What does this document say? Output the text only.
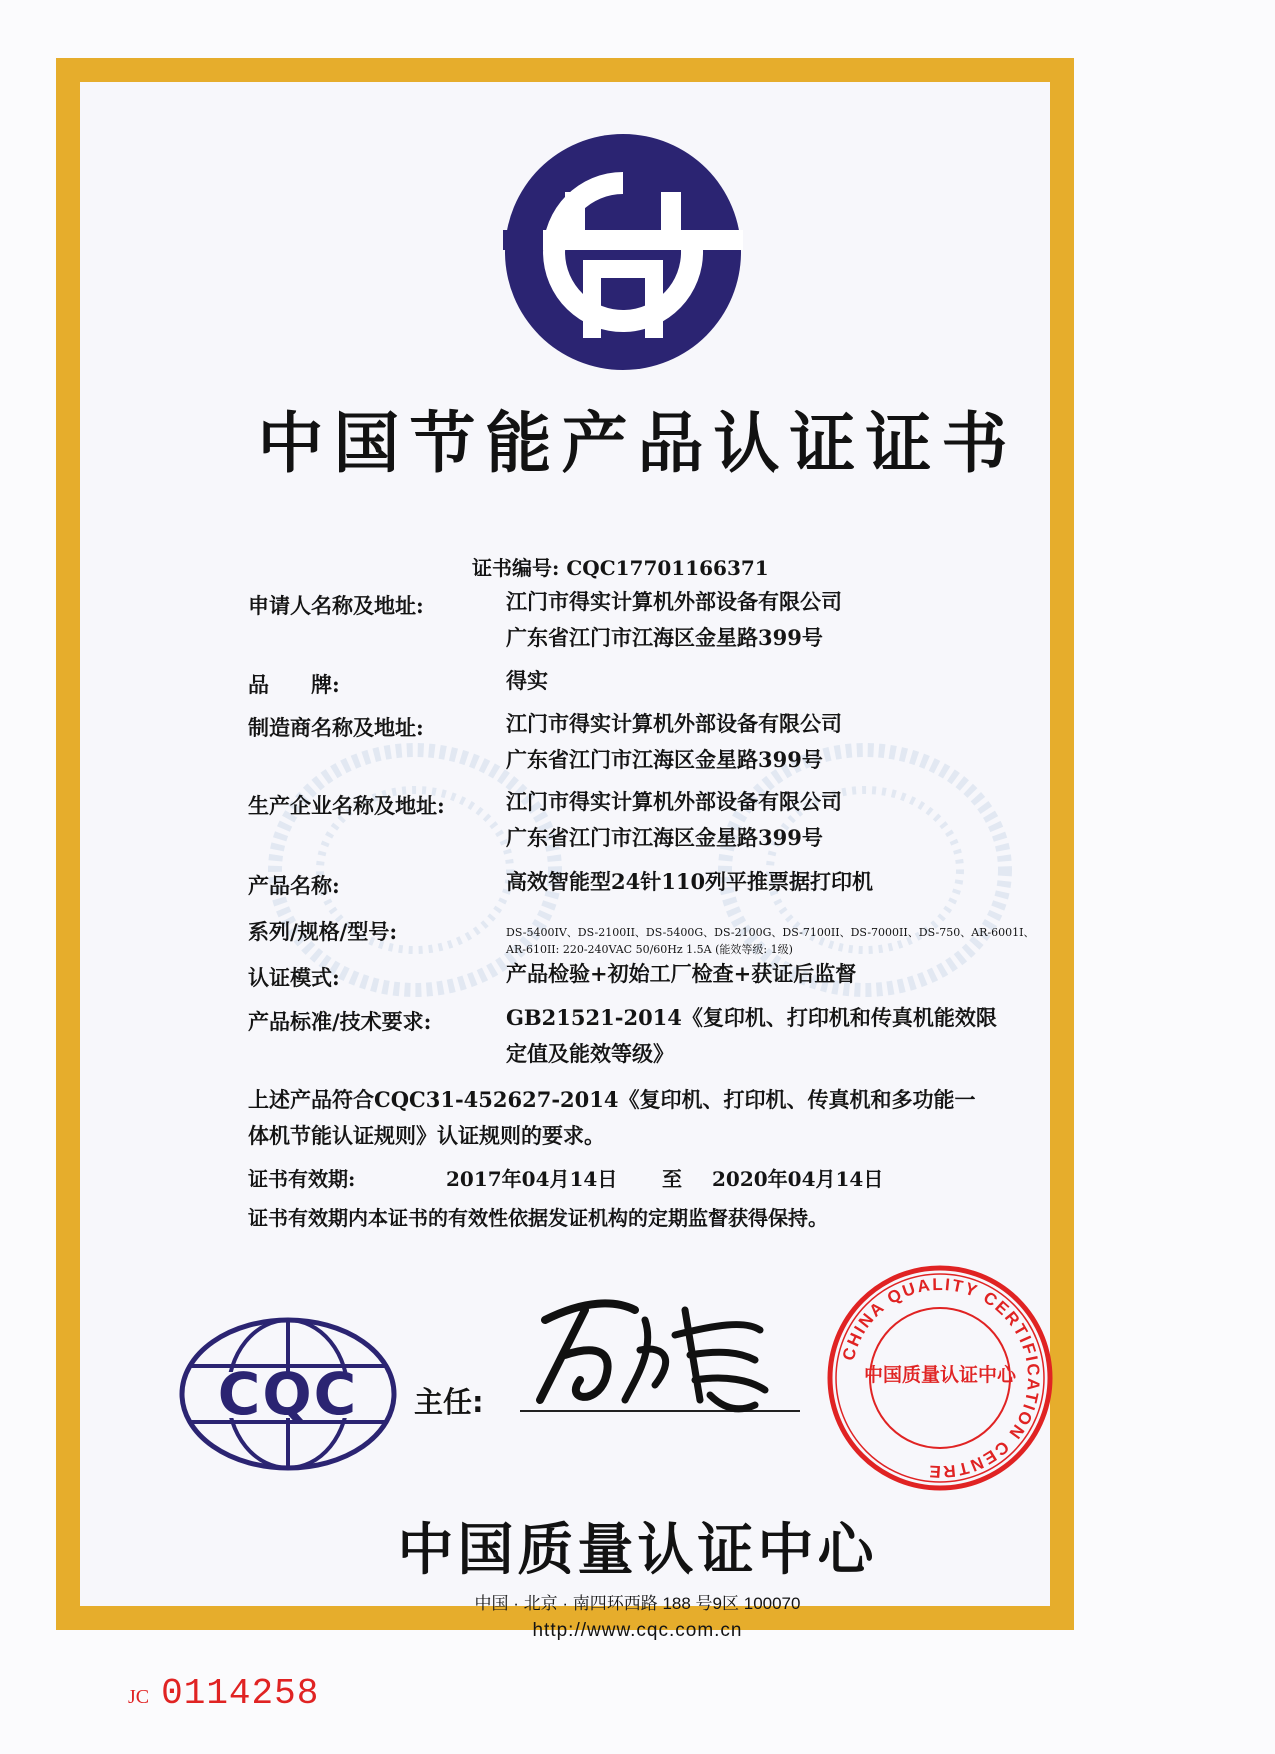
中国节能产品认证证书
证书编号: CQC17701166371
申请人名称及地址:	江门市得实计算机外部设备有限公司
广东省江门市江海区金星路399号
品　　牌:	得实
制造商名称及地址:	江门市得实计算机外部设备有限公司
广东省江门市江海区金星路399号
生产企业名称及地址:	江门市得实计算机外部设备有限公司
广东省江门市江海区金星路399号
产品名称:	高效智能型24针110列平推票据打印机
系列/规格/型号:	DS-5400IV、DS-2100II、DS-5400G、DS-2100G、DS-7100II、DS-7000II、DS-750、AR-6001I、AR-610II: 220-240VAC 50/60Hz 1.5A (能效等级: 1级)
认证模式:	产品检验+初始工厂检查+获证后监督
产品标准/技术要求:	GB21521-2014《复印机、打印机和传真机能效限
定值及能效等级》
上述产品符合CQC31-452627-2014《复印机、打印机、传真机和多功能一
体机节能认证规则》认证规则的要求。
证书有效期:	2017年04月14日 至 2020年04月14日
证书有效期内本证书的有效性依据发证机构的定期监督获得保持。
CQC	主任:
CHINA QUALITY CERTIFICATION CENTRE
中国质量认证中心
中国质量认证中心
中国 · 北京 · 南四环西路 188 号9区 100070
http://www.cqc.com.cn
JC 0114258
